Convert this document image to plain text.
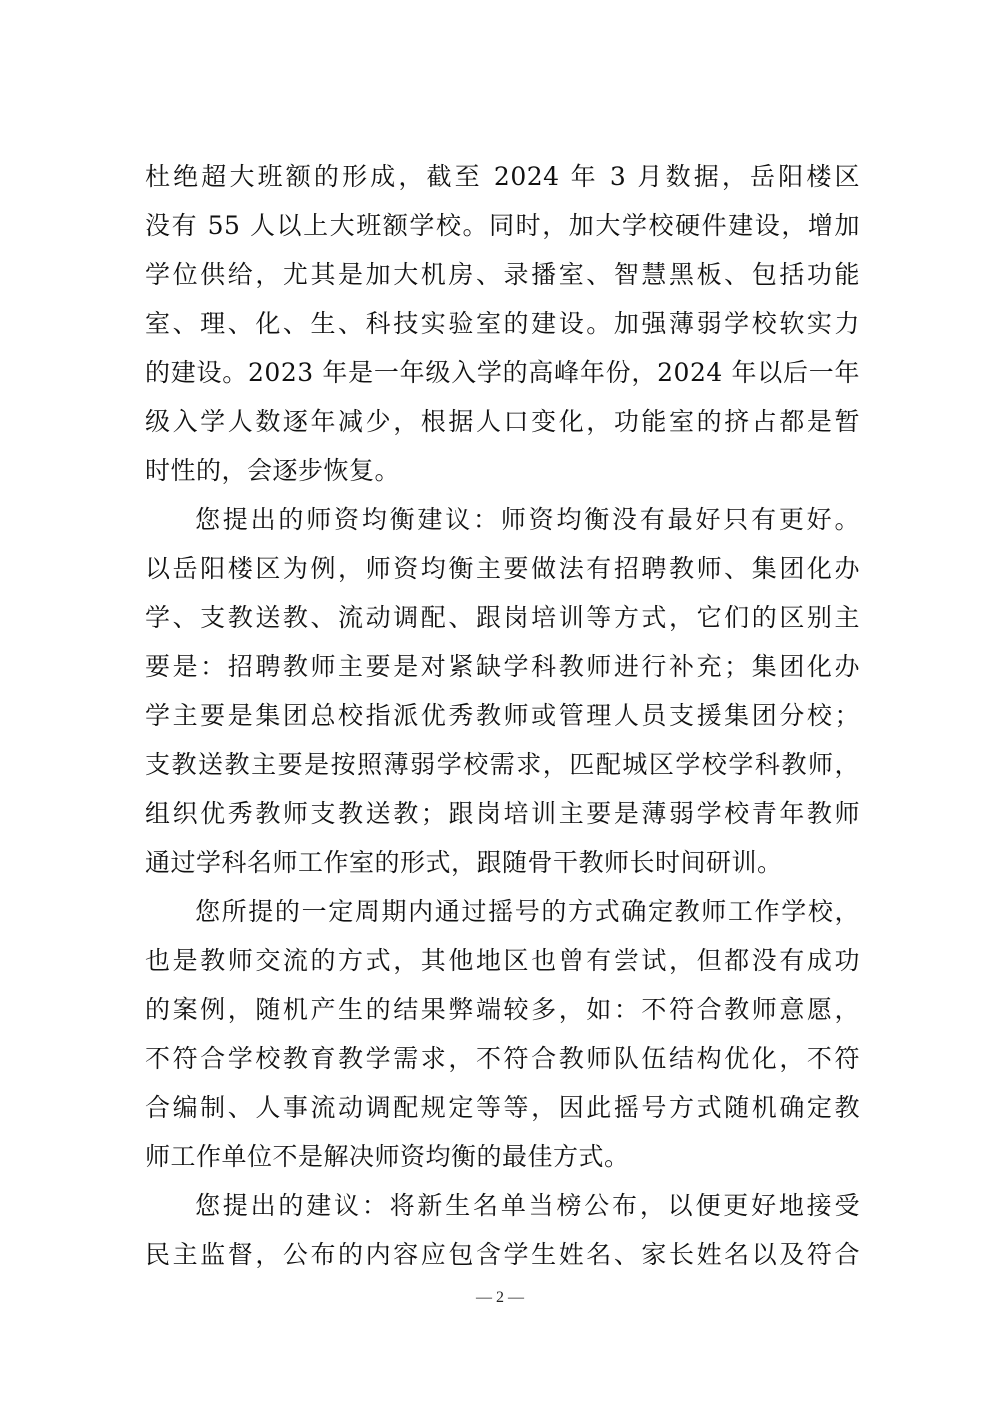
杜绝超大班额的形成，截至 2024 年 3 月数据，岳阳楼区
没有 55 人以上大班额学校。同时，加大学校硬件建设，增加
学位供给，尤其是加大机房、录播室、智慧黑板、包括功能
室、理、化、生、科技实验室的建设。加强薄弱学校软实力
的建设。2023 年是一年级入学的高峰年份，2024 年以后一年
级入学人数逐年减少，根据人口变化，功能室的挤占都是暂
时性的，会逐步恢复。
您提出的师资均衡建议：师资均衡没有最好只有更好。
以岳阳楼区为例，师资均衡主要做法有招聘教师、集团化办
学、支教送教、流动调配、跟岗培训等方式，它们的区别主
要是：招聘教师主要是对紧缺学科教师进行补充；集团化办
学主要是集团总校指派优秀教师或管理人员支援集团分校；
支教送教主要是按照薄弱学校需求，匹配城区学校学科教师，
组织优秀教师支教送教；跟岗培训主要是薄弱学校青年教师
通过学科名师工作室的形式，跟随骨干教师长时间研训。
您所提的一定周期内通过摇号的方式确定教师工作学校，
也是教师交流的方式，其他地区也曾有尝试，但都没有成功
的案例，随机产生的结果弊端较多，如：不符合教师意愿，
不符合学校教育教学需求，不符合教师队伍结构优化，不符
合编制、人事流动调配规定等等，因此摇号方式随机确定教
师工作单位不是解决师资均衡的最佳方式。
您提出的建议：将新生名单当榜公布，以便更好地接受
民主监督，公布的内容应包含学生姓名、家长姓名以及符合
— 2 —
